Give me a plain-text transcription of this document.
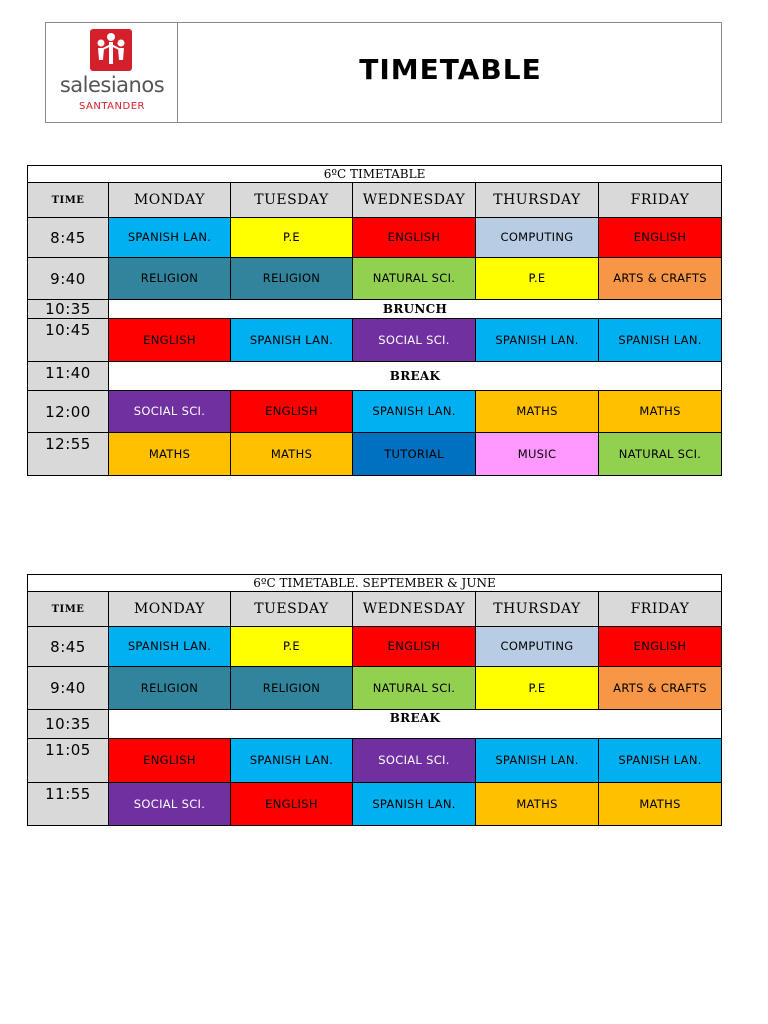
salesianos
SANTANDER
TIMETABLE
6ºC TIMETABLE					
TIME	MONDAY	TUESDAY	WEDNESDAY	THURSDAY	FRIDAY
8:45	SPANISH LAN.	P.E	ENGLISH	COMPUTING	ENGLISH
9:40	RELIGION	RELIGION	NATURAL SCI.	P.E	ARTS & CRAFTS
10:35	BRUNCH				
10:45	ENGLISH	SPANISH LAN.	SOCIAL SCI.	SPANISH LAN.	SPANISH LAN.
11:40	BREAK				
12:00	SOCIAL SCI.	ENGLISH	SPANISH LAN.	MATHS	MATHS
12:55	MATHS	MATHS	TUTORIAL	MUSIC	NATURAL SCI.
6ºC TIMETABLE. SEPTEMBER & JUNE					
TIME	MONDAY	TUESDAY	WEDNESDAY	THURSDAY	FRIDAY
8:45	SPANISH LAN.	P.E	ENGLISH	COMPUTING	ENGLISH
9:40	RELIGION	RELIGION	NATURAL SCI.	P.E	ARTS & CRAFTS
10:35	BREAK				
11:05	ENGLISH	SPANISH LAN.	SOCIAL SCI.	SPANISH LAN.	SPANISH LAN.
11:55	SOCIAL SCI.	ENGLISH	SPANISH LAN.	MATHS	MATHS
